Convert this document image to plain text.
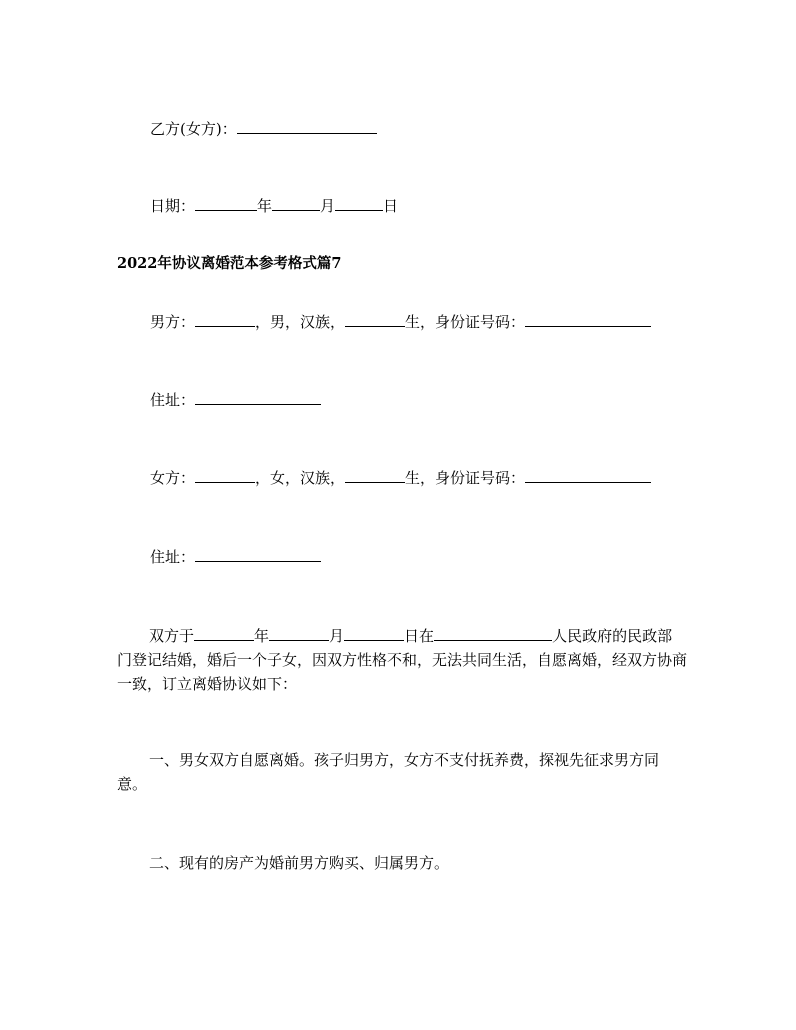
乙方(女方)：
日期：	年	月	日
2022年协议离婚范本参考格式篇7
男方：	，男，汉族，	生，身份证号码：
住址：
女方：	，女，汉族，	生，身份证号码：
住址：
双方于	年	月	日在	人民政府的民政部门登记结婚，婚后一个子女，因双方性格不和，无法共同生活，自愿离婚，经双方协商一致，订立离婚协议如下：
一、男女双方自愿离婚。孩子归男方，女方不支付抚养费，探视先征求男方同意。
二、现有的房产为婚前男方购买、归属男方。
